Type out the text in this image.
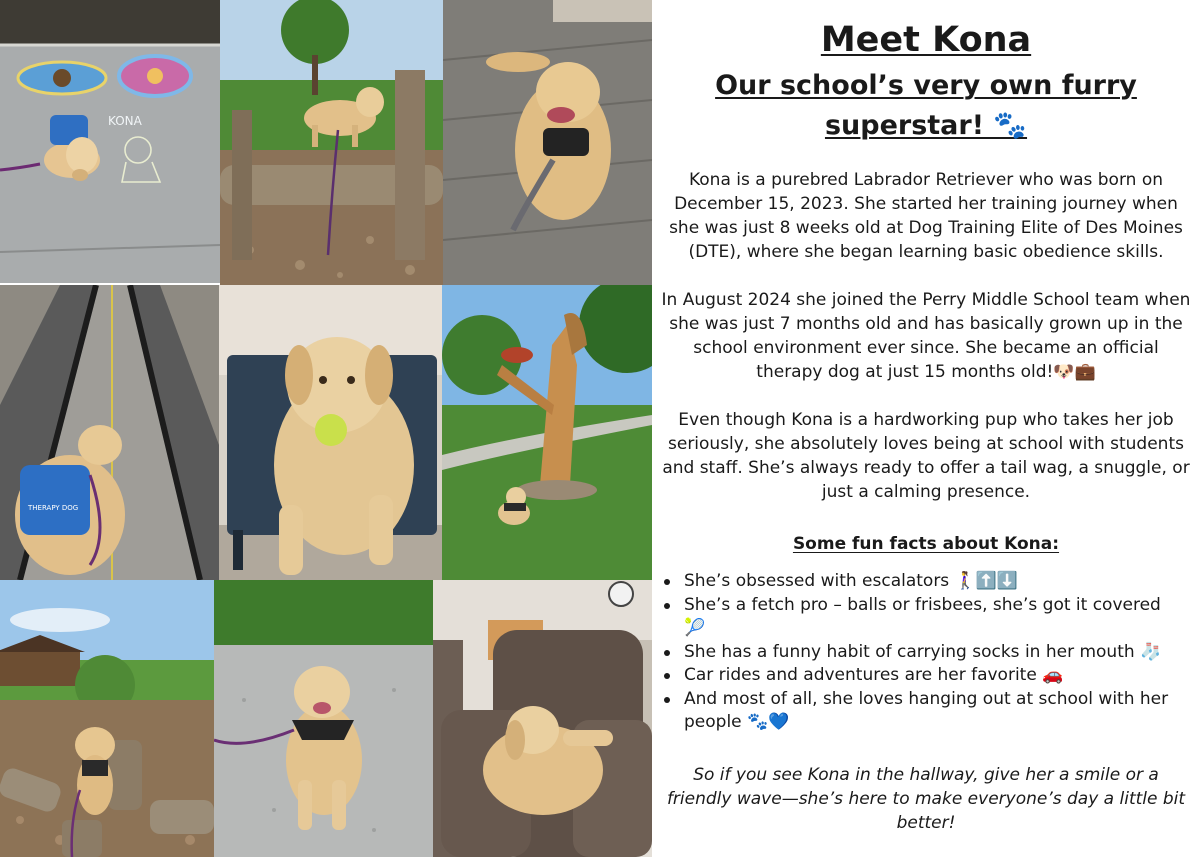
KONA
THERAPY DOG
Meet Kona
Our school’s very own furry
superstar! 🐾

Kona is a purebred Labrador Retriever who was born on December 15, 2023. She started her training journey when she was just 8 weeks old at Dog Training Elite of Des Moines (DTE), where she began learning basic obedience skills.

In August 2024 she joined the Perry Middle School team when she was just 7 months old and has basically grown up in the school environment ever since. She became an official therapy dog at just 15 months old!🐶💼

Even though Kona is a hardworking pup who takes her job seriously, she absolutely loves being at school with students and staff. She’s always ready to offer a tail wag, a snuggle, or just a calming presence.

Some fun facts about Kona:
She’s obsessed with escalators 🚶‍♀️⬆️⬇️
She’s a fetch pro – balls or frisbees, she’s got it covered 🎾
She has a funny habit of carrying socks in her mouth 🧦
Car rides and adventures are her favorite 🚗
And most of all, she loves hanging out at school with her people 🐾💙

So if you see Kona in the hallway, give her a smile or a friendly wave—she’s here to make everyone’s day a little bit better!
